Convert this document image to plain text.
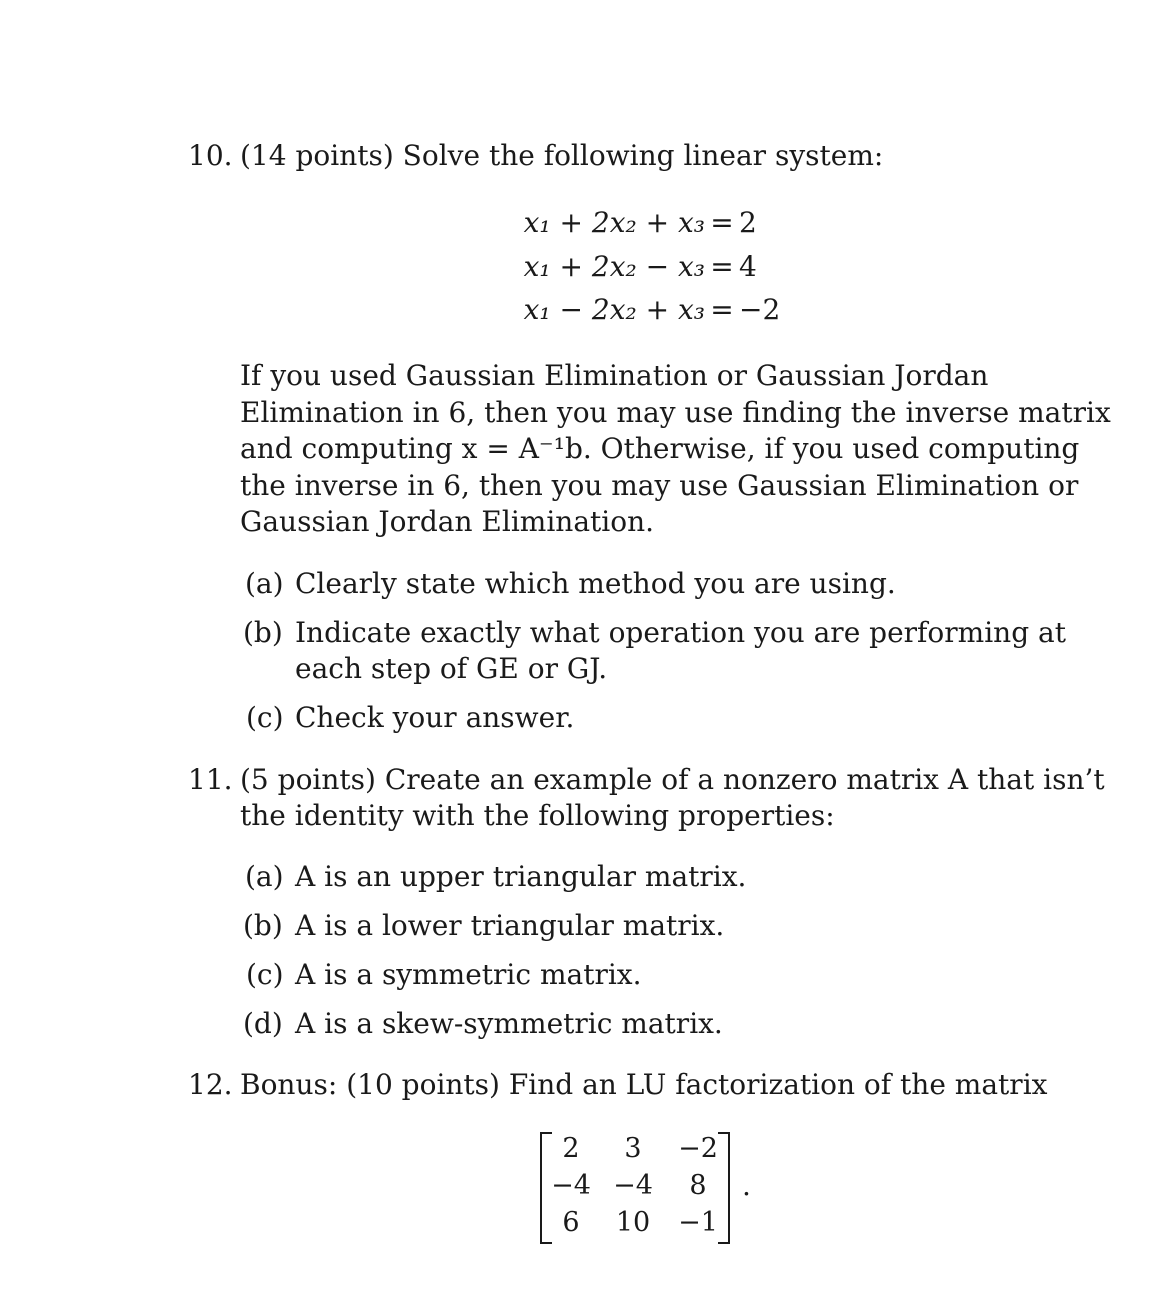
10. (14 points) Solve the following linear system:
x₁ + 2x₂ + x₃ = 2
x₁ + 2x₂ − x₃ = 4
x₁ − 2x₂ + x₃ = −2
If you used Gaussian Elimination or Gaussian Jordan
Elimination in 6, then you may use finding the inverse matrix
and computing x = A⁻¹b. Otherwise, if you used computing
the inverse in 6, then you may use Gaussian Elimination or
Gaussian Jordan Elimination.
(a) Clearly state which method you are using.
(b) Indicate exactly what operation you are performing at
each step of GE or GJ.
(c) Check your answer.
11. (5 points) Create an example of a nonzero matrix A that isn’t
the identity with the following properties:
(a) A is an upper triangular matrix.
(b) A is a lower triangular matrix.
(c) A is a symmetric matrix.
(d) A is a skew-symmetric matrix.
12. Bonus: (10 points) Find an LU factorization of the matrix
2	3	−2
−4 −4	8
6	10	−1
.
